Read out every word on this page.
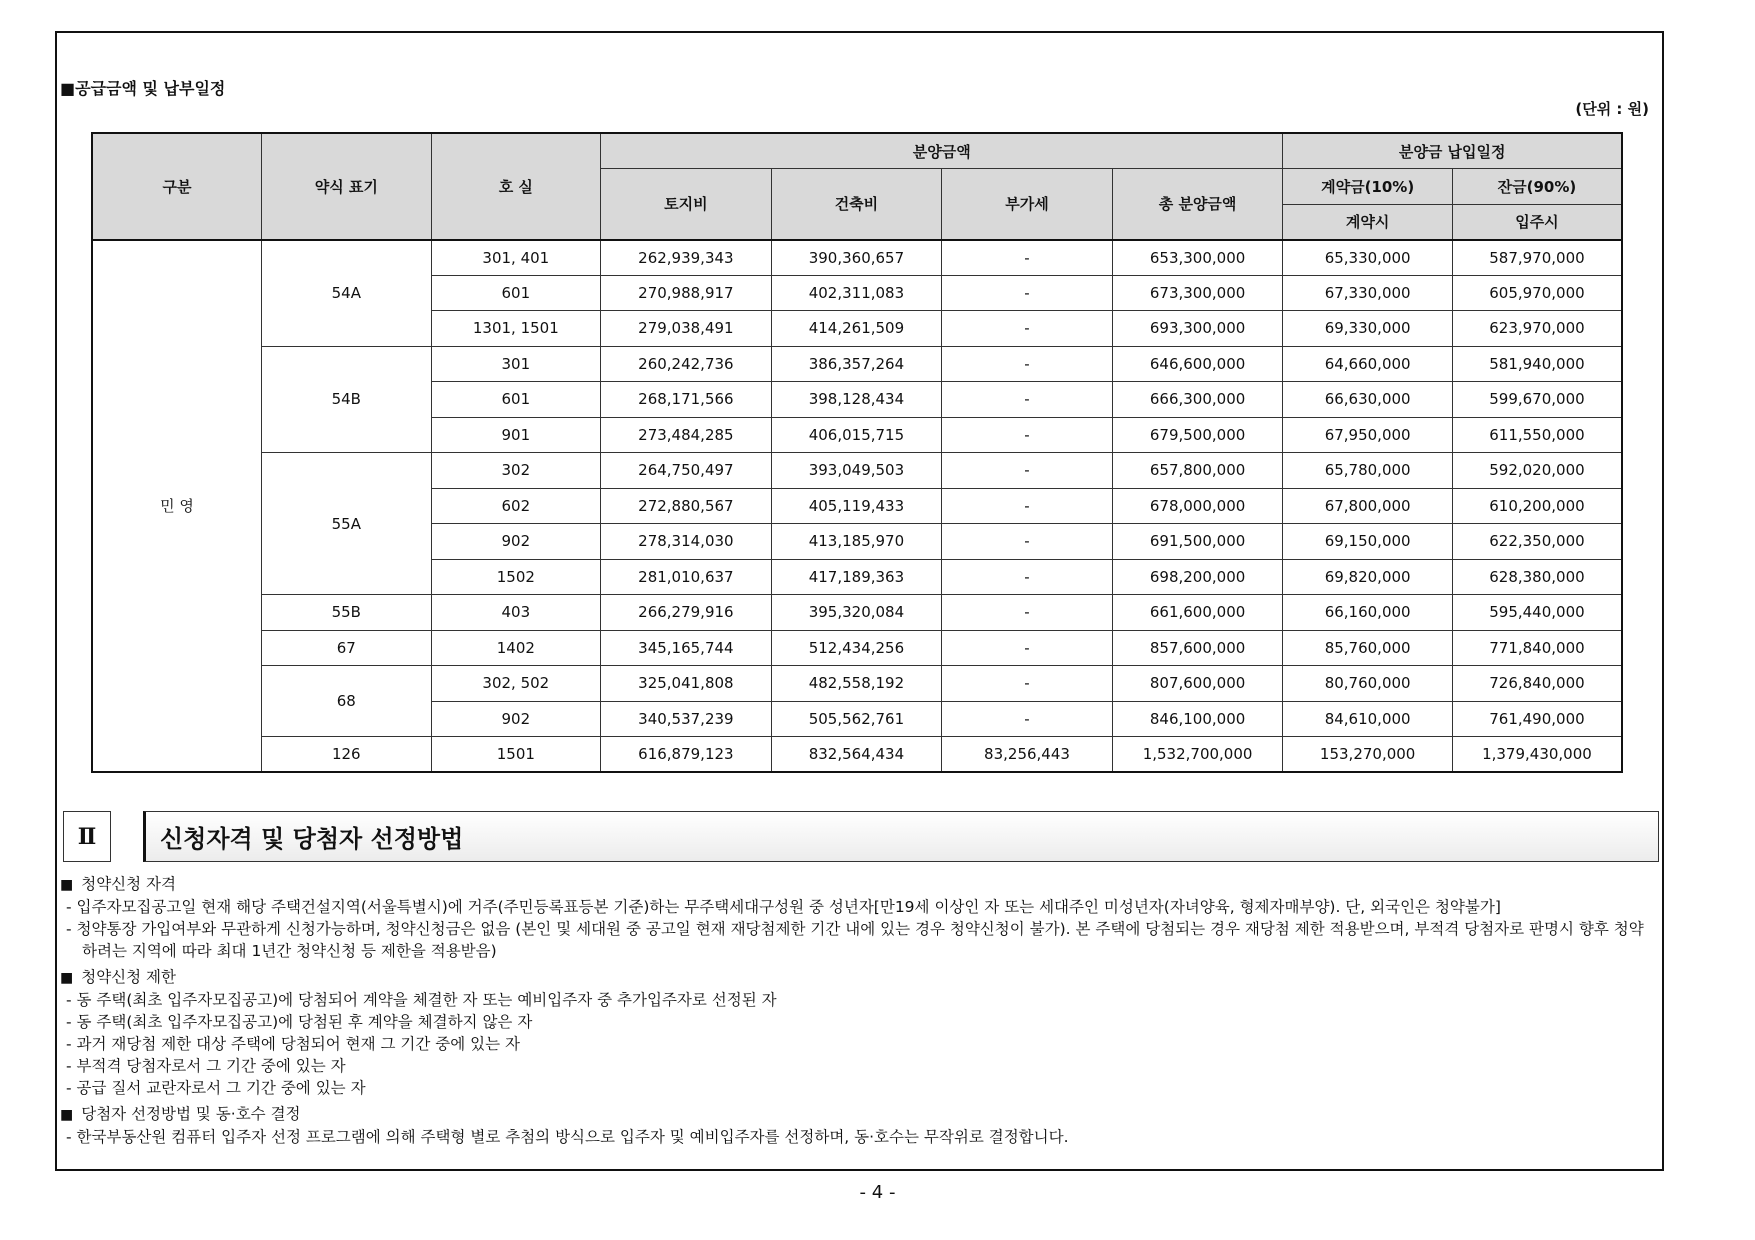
■공급금액 및 납부일정
(단위 : 원)
구분	약식 표기	호 실	분양금액				분양금 납입일정	
			토지비	건축비	부가세	총 분양금액	계약금(10%)	잔금(90%)
							계약시	입주시
민 영	54A	301, 401	262,939,343	390,360,657	-	653,300,000	65,330,000	587,970,000
		601	270,988,917	402,311,083	-	673,300,000	67,330,000	605,970,000
		1301, 1501	279,038,491	414,261,509	-	693,300,000	69,330,000	623,970,000
	54B	301	260,242,736	386,357,264	-	646,600,000	64,660,000	581,940,000
		601	268,171,566	398,128,434	-	666,300,000	66,630,000	599,670,000
		901	273,484,285	406,015,715	-	679,500,000	67,950,000	611,550,000
	55A	302	264,750,497	393,049,503	-	657,800,000	65,780,000	592,020,000
		602	272,880,567	405,119,433	-	678,000,000	67,800,000	610,200,000
		902	278,314,030	413,185,970	-	691,500,000	69,150,000	622,350,000
		1502	281,010,637	417,189,363	-	698,200,000	69,820,000	628,380,000
	55B	403	266,279,916	395,320,084	-	661,600,000	66,160,000	595,440,000
	67	1402	345,165,744	512,434,256	-	857,600,000	85,760,000	771,840,000
	68	302, 502	325,041,808	482,558,192	-	807,600,000	80,760,000	726,840,000
		902	340,537,239	505,562,761	-	846,100,000	84,610,000	761,490,000
	126	1501	616,879,123	832,564,434	83,256,443	1,532,700,000	153,270,000	1,379,430,000
Ⅱ	신청자격 및 당첨자 선정방법
■ 청약신청 자격
- 입주자모집공고일 현재 해당 주택건설지역(서울특별시)에 거주(주민등록표등본 기준)하는 무주택세대구성원 중 성년자[만19세 이상인 자 또는 세대주인 미성년자(자녀양육, 형제자매부양). 단, 외국인은 청약불가]
- 청약통장 가입여부와 무관하게 신청가능하며, 청약신청금은 없음 (본인 및 세대원 중 공고일 현재 재당첨제한 기간 내에 있는 경우 청약신청이 불가). 본 주택에 당첨되는 경우 재당첨 제한 적용받으며, 부적격 당첨자로 판명시 향후 청약하려는 지역에 따라 최대 1년간 청약신청 등 제한을 적용받음)
■ 청약신청 제한
- 동 주택(최초 입주자모집공고)에 당첨되어 계약을 체결한 자 또는 예비입주자 중 추가입주자로 선정된 자
- 동 주택(최초 입주자모집공고)에 당첨된 후 계약을 체결하지 않은 자
- 과거 재당첨 제한 대상 주택에 당첨되어 현재 그 기간 중에 있는 자
- 부적격 당첨자로서 그 기간 중에 있는 자
- 공급 질서 교란자로서 그 기간 중에 있는 자
■ 당첨자 선정방법 및 동·호수 결정
- 한국부동산원 컴퓨터 입주자 선정 프로그램에 의해 주택형 별로 추첨의 방식으로 입주자 및 예비입주자를 선정하며, 동·호수는 무작위로 결정합니다.
- 4 -
